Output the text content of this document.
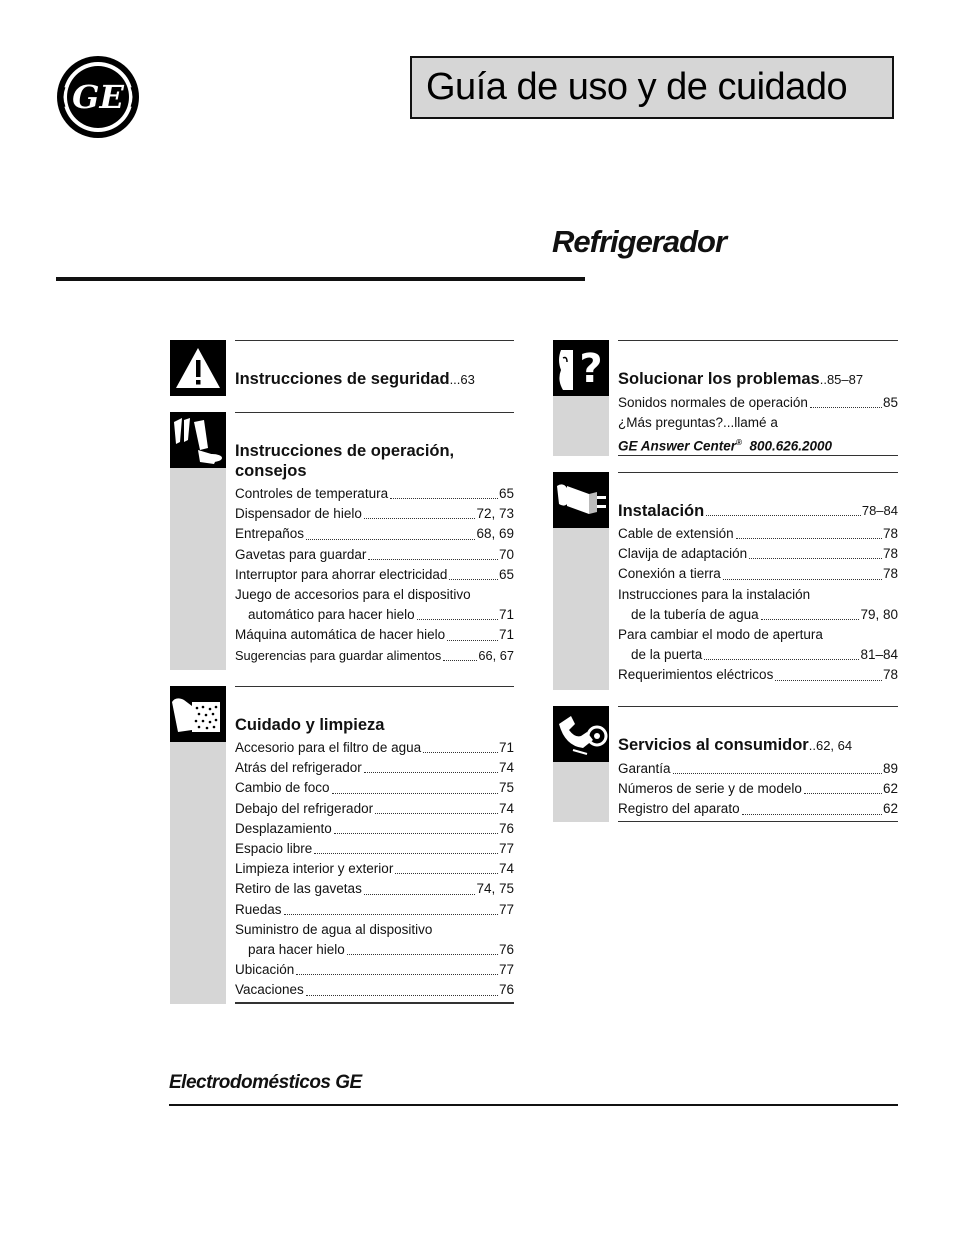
GE	Guía de uso y de cuidado
Refrigerador
Instrucciones de seguridad...63
Instrucciones de operación, consejos
Controles de temperatura	65
Dispensador de hielo	72, 73
Entrepaños	68, 69
Gavetas para guardar	70
Interruptor para ahorrar electricidad	65
Juego de accesorios para el dispositivo
automático para hacer hielo	71
Máquina automática de hacer hielo	71
Sugerencias para guardar alimentos	66, 67
Cuidado y limpieza
Accesorio para el filtro de agua	71
Atrás del refrigerador	74
Cambio de foco	75
Debajo del refrigerador	74
Desplazamiento	76
Espacio libre	77
Limpieza interior y exterior	74
Retiro de las gavetas	74, 75
Ruedas	77
Suministro de agua al dispositivo
para hacer hielo	76
Ubicación	77
Vacaciones	76
? Solucionar los problemas..85–87
Sonidos normales de operación	85
¿Más preguntas?...llamé a
GE Answer Center® 800.626.2000
Instalación	78–84
Cable de extensión	78
Clavija de adaptación	78
Conexión a tierra	78
Instrucciones para la instalación
de la tubería de agua	79, 80
Para cambiar el modo de apertura
de la puerta	81–84
Requerimientos eléctricos	78
Servicios al consumidor..62, 64
Garantía	89
Números de serie y de modelo	62
Registro del aparato	62
Electrodomésticos GE
